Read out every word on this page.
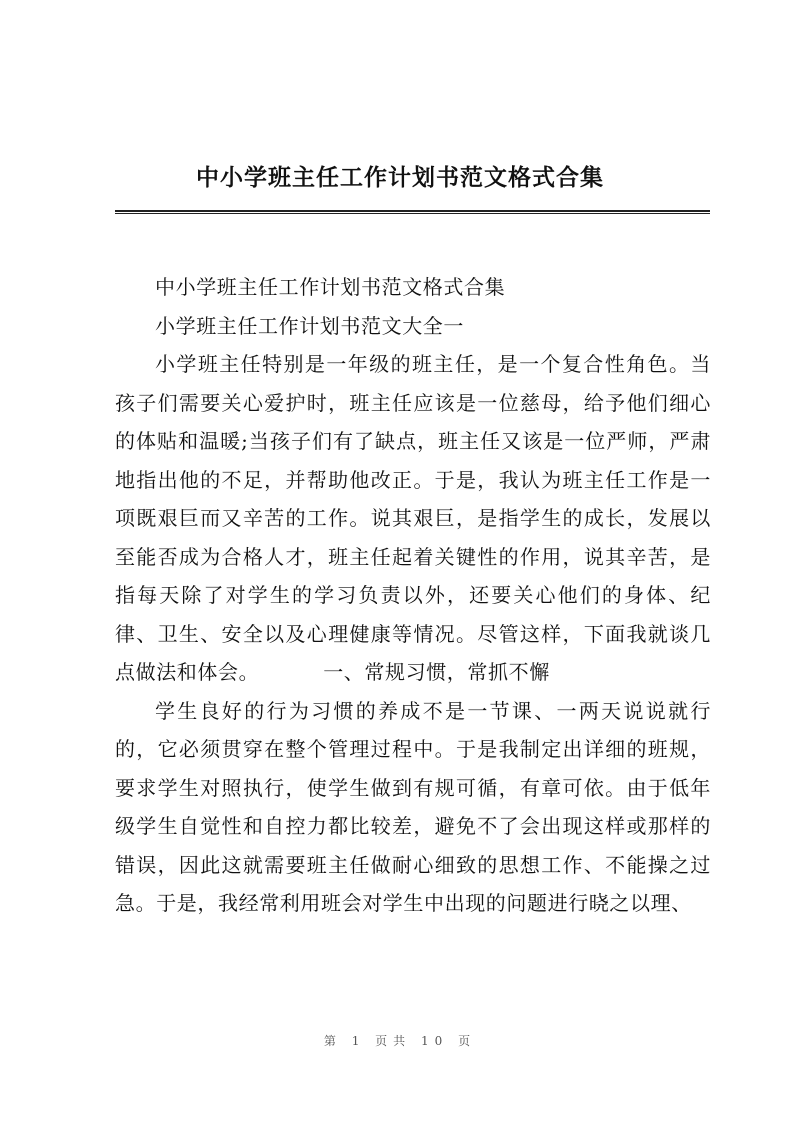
中小学班主任工作计划书范文格式合集

中小学班主任工作计划书范文格式合集

小学班主任工作计划书范文大全一

小学班主任特别是一年级的班主任，是一个复合性角色。当孩子们需要关心爱护时，班主任应该是一位慈母，给予他们细心的体贴和温暖;当孩子们有了缺点，班主任又该是一位严师，严肃地指出他的不足，并帮助他改正。于是，我认为班主任工作是一项既艰巨而又辛苦的工作。说其艰巨，是指学生的成长，发展以至能否成为合格人才，班主任起着关键性的作用，说其辛苦，是指每天除了对学生的学习负责以外，还要关心他们的身体、纪律、卫生、安全以及心理健康等情况。尽管这样，下面我就谈几点做法和体会。	一、常规习惯，常抓不懈

学生良好的行为习惯的养成不是一节课、一两天说说就行的，它必须贯穿在整个管理过程中。于是我制定出详细的班规，要求学生对照执行，使学生做到有规可循，有章可依。由于低年级学生自觉性和自控力都比较差，避免不了会出现这样或那样的错误，因此这就需要班主任做耐心细致的思想工作、不能操之过急。于是，我经常利用班会对学生中出现的问题进行晓之以理、

第 1 页共 10 页
